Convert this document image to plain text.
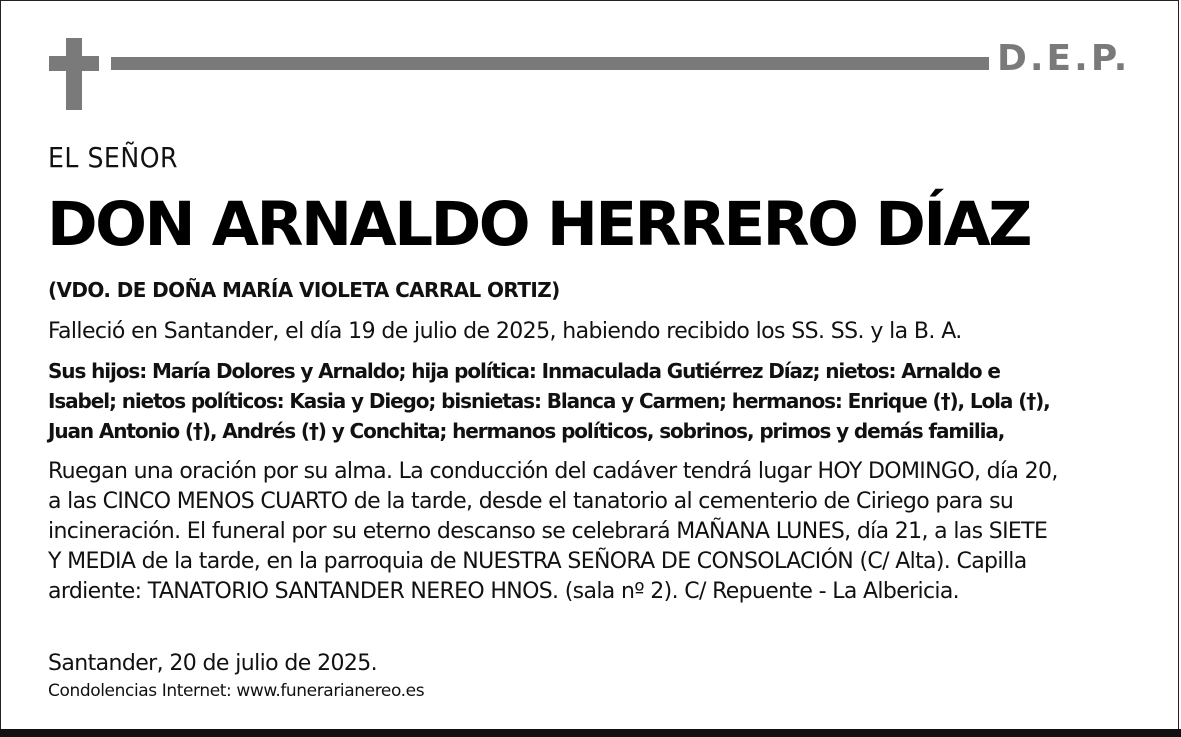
D.E.P.
EL SEÑOR
DON ARNALDO HERRERO DÍAZ
(VDO. DE DOÑA MARÍA VIOLETA CARRAL ORTIZ)
Falleció en Santander, el día 19 de julio de 2025, habiendo recibido los SS. SS. y la B. A.
Sus hijos: María Dolores y Arnaldo; hija política: Inmaculada Gutiérrez Díaz; nietos: Arnaldo e
Isabel; nietos políticos: Kasia y Diego; bisnietas: Blanca y Carmen; hermanos: Enrique (†), Lola (†),
Juan Antonio (†), Andrés (†) y Conchita; hermanos políticos, sobrinos, primos y demás familia,
Ruegan una oración por su alma. La conducción del cadáver tendrá lugar HOY DOMINGO, día 20,
a las CINCO MENOS CUARTO de la tarde, desde el tanatorio al cementerio de Ciriego para su
incineración. El funeral por su eterno descanso se celebrará MAÑANA LUNES, día 21, a las SIETE
Y MEDIA de la tarde, en la parroquia de NUESTRA SEÑORA DE CONSOLACIÓN (C/ Alta). Capilla
ardiente: TANATORIO SANTANDER NEREO HNOS. (sala nº 2). C/ Repuente - La Albericia.
Santander, 20 de julio de 2025.
Condolencias Internet: www.funerarianereo.es
